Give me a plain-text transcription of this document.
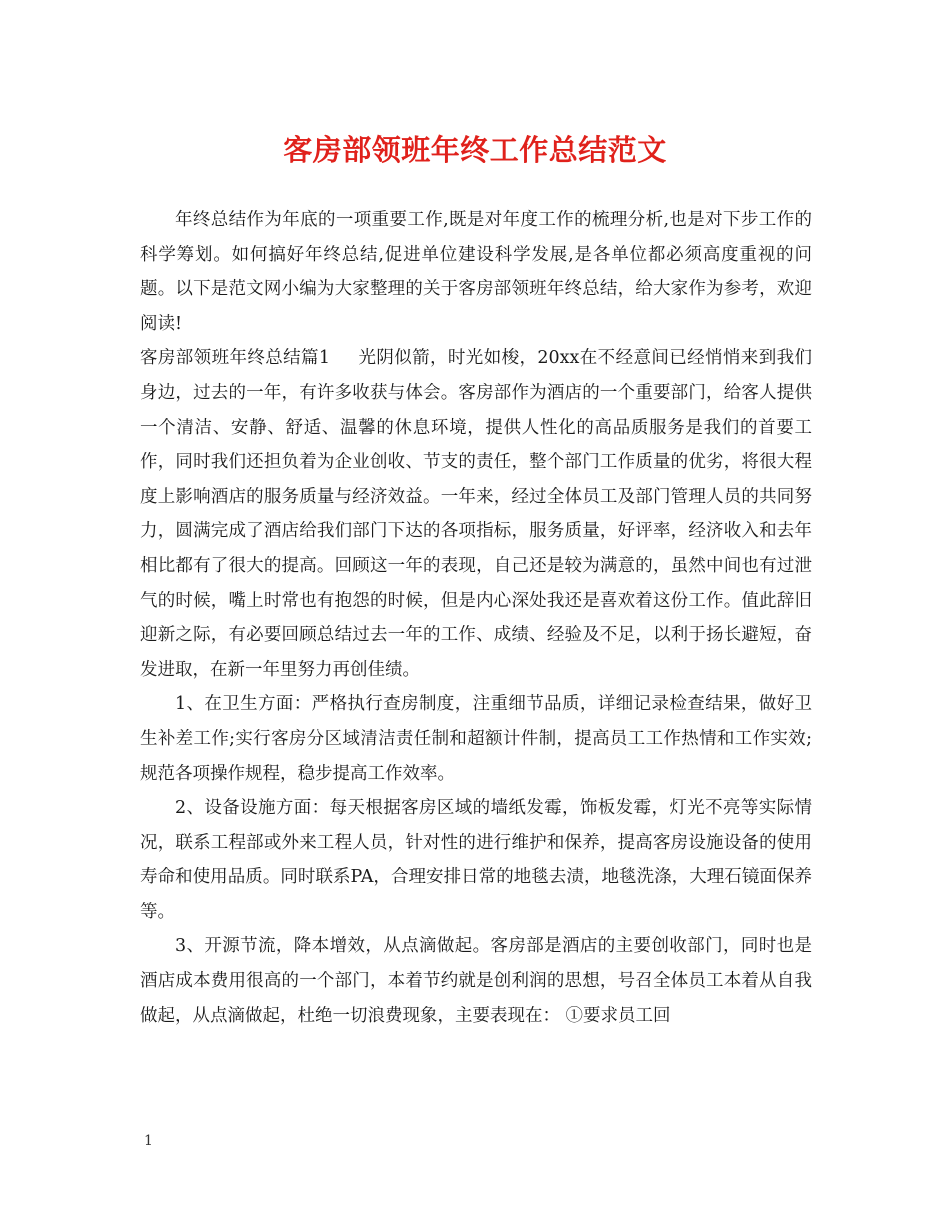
客房部领班年终工作总结范文

年终总结作为年底的一项重要工作,既是对年度工作的梳理分析,也是对下步工作的科学筹划。如何搞好年终总结,促进单位建设科学发展,是各单位都必须高度重视的问题。以下是范文网小编为大家整理的关于客房部领班年终总结，给大家作为参考，欢迎阅读!

客房部领班年终总结篇1 光阴似箭，时光如梭，20xx在不经意间已经悄悄来到我们身边，过去的一年，有许多收获与体会。客房部作为酒店的一个重要部门，给客人提供一个清洁、安静、舒适、温馨的休息环境，提供人性化的高品质服务是我们的首要工作，同时我们还担负着为企业创收、节支的责任，整个部门工作质量的优劣，将很大程度上影响酒店的服务质量与经济效益。一年来，经过全体员工及部门管理人员的共同努力，圆满完成了酒店给我们部门下达的各项指标，服务质量，好评率，经济收入和去年相比都有了很大的提高。回顾这一年的表现，自己还是较为满意的，虽然中间也有过泄气的时候，嘴上时常也有抱怨的时候，但是内心深处我还是喜欢着这份工作。值此辞旧迎新之际，有必要回顾总结过去一年的工作、成绩、经验及不足，以利于扬长避短，奋发进取，在新一年里努力再创佳绩。

1、在卫生方面：严格执行查房制度，注重细节品质，详细记录检查结果，做好卫生补差工作;实行客房分区域清洁责任制和超额计件制，提高员工工作热情和工作实效;规范各项操作规程，稳步提高工作效率。

2、设备设施方面：每天根据客房区域的墙纸发霉，饰板发霉，灯光不亮等实际情况，联系工程部或外来工程人员，针对性的进行维护和保养，提高客房设施设备的使用寿命和使用品质。同时联系PA，合理安排日常的地毯去渍，地毯洗涤，大理石镜面保养等。

3、开源节流，降本增效，从点滴做起。客房部是酒店的主要创收部门，同时也是酒店成本费用很高的一个部门，本着节约就是创利润的思想，号召全体员工本着从自我做起，从点滴做起，杜绝一切浪费现象，主要表现在： ①要求员工回

1
